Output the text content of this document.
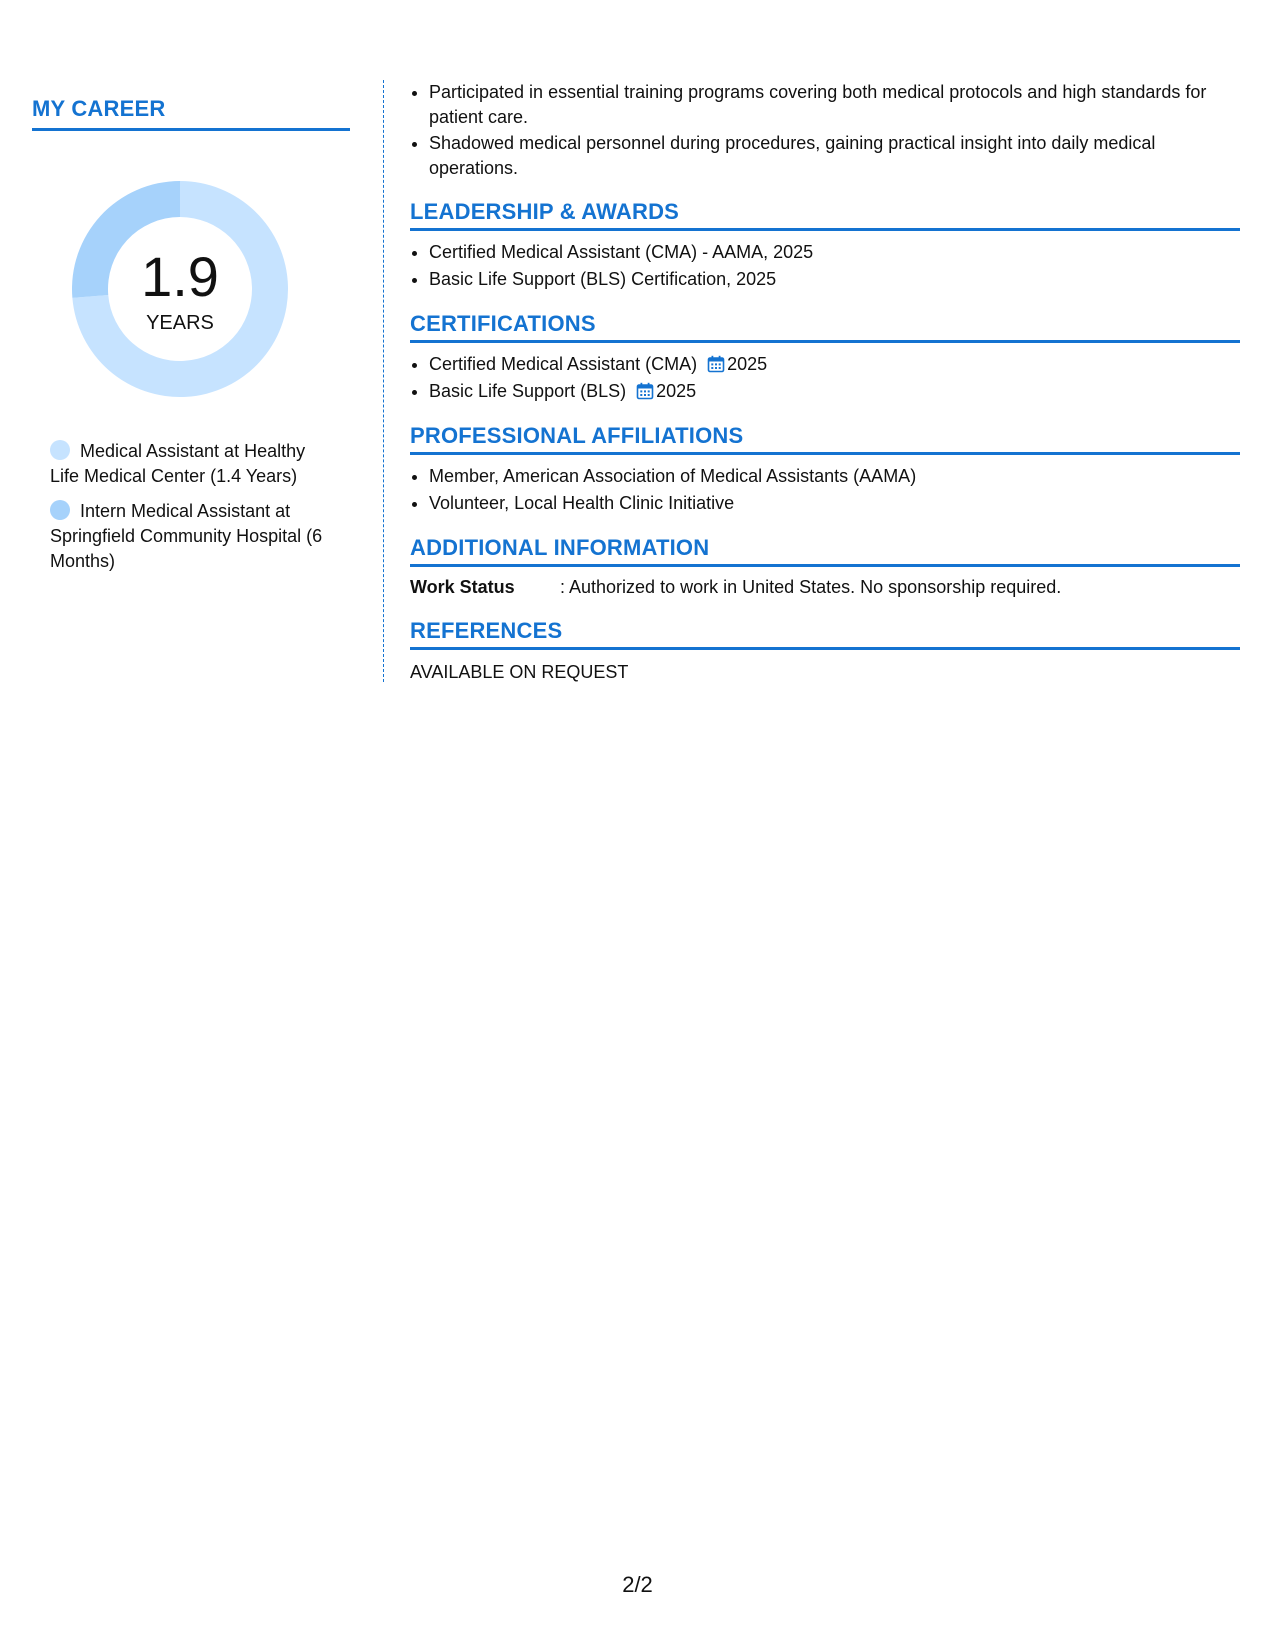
MY CAREER
1.9
YEARS
Medical Assistant at Healthy Life Medical Center (1.4 Years)
Intern Medical Assistant at Springfield Community Hospital (6 Months)
• Participated in essential training programs covering both medical protocols and high standards for patient care.
• Shadowed medical personnel during procedures, gaining practical insight into daily medical operations.
LEADERSHIP & AWARDS
• Certified Medical Assistant (CMA) - AAMA, 2025
• Basic Life Support (BLS) Certification, 2025
CERTIFICATIONS
• Certified Medical Assistant (CMA) 2025
• Basic Life Support (BLS) 2025
PROFESSIONAL AFFILIATIONS
• Member, American Association of Medical Assistants (AAMA)
• Volunteer, Local Health Clinic Initiative
ADDITIONAL INFORMATION
Work Status	: Authorized to work in United States. No sponsorship required.
REFERENCES
AVAILABLE ON REQUEST
2/2
